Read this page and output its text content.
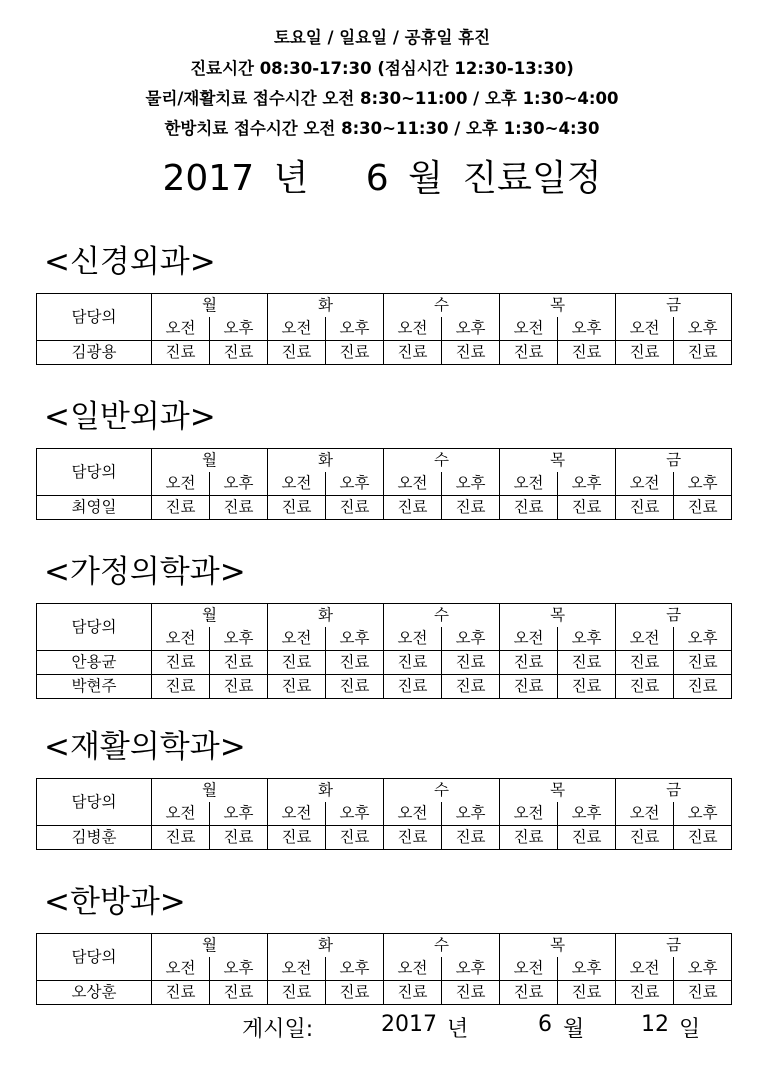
토요일 / 일요일 / 공휴일 휴진
진료시간 08:30-17:30 (점심시간 12:30-13:30)
물리/재활치료 접수시간 오전 8:30~11:00 / 오후 1:30~4:00
한방치료 접수시간 오전 8:30~11:30 / 오후 1:30~4:30
2017 년 6 월 진료일정
<신경외과>
담당의	월		화		수		목		금	
	오전	오후	오전	오후	오전	오후	오전	오후	오전	오후
김광용	진료	진료	진료	진료	진료	진료	진료	진료	진료	진료
<일반외과>
담당의	월		화		수		목		금	
	오전	오후	오전	오후	오전	오후	오전	오후	오전	오후
최영일	진료	진료	진료	진료	진료	진료	진료	진료	진료	진료
<가정의학과>
담당의	월		화		수		목		금	
	오전	오후	오전	오후	오전	오후	오전	오후	오전	오후
안용균	진료	진료	진료	진료	진료	진료	진료	진료	진료	진료
박현주	진료	진료	진료	진료	진료	진료	진료	진료	진료	진료
<재활의학과>
담당의	월		화		수		목		금	
	오전	오후	오전	오후	오전	오후	오전	오후	오전	오후
김병훈	진료	진료	진료	진료	진료	진료	진료	진료	진료	진료
<한방과>
담당의	월		화		수		목		금	
	오전	오후	오전	오후	오전	오후	오전	오후	오전	오후
오상훈	진료	진료	진료	진료	진료	진료	진료	진료	진료	진료
게시일:	2017 년	6 월	12 일
